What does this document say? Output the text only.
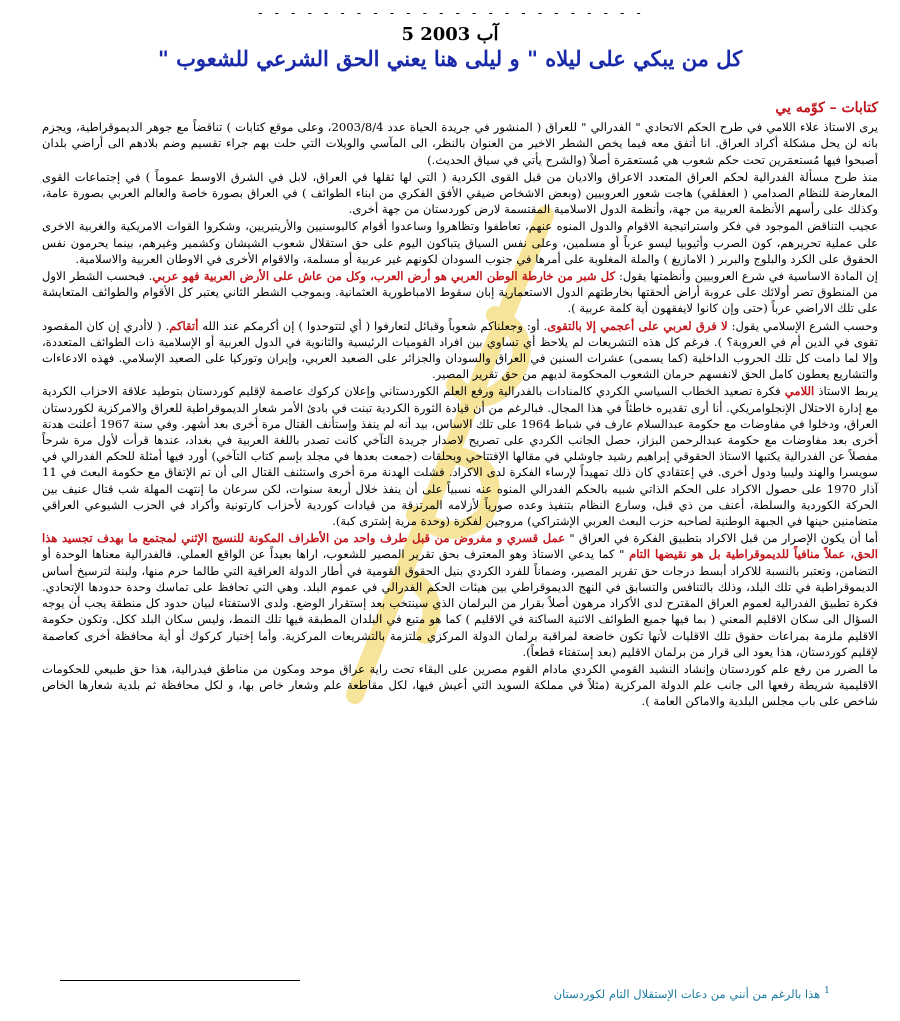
- - - - - - - - - - - - - - - - - - - - - - - -
5 آب 2003
كل من يبكي على ليلاه " و ليلى هنا يعني الحق الشرعي للشعوب "
كتابات – كوّمه يي

يرى الاستاذ علاء اللامي في طرح الحكم الاتحادي " الفدرالي " للعراق ( المنشور في جريدة الحياة عدد 2003/8/4، وعلى موقع كتابات ) تناقضاً مع جوهر الديموقراطية، ويجزم بانه لن يحل مشكلة أكراد العراق. انا أتفق معه فيما يخص الشطر الاخير من العنوان بالنظر، الى المآسي والويلات التي حلت بهم جراء تقسيم وضم بلادهم الى أراضي بلدان أصبحوا فيها مُستعمَرين تحت حكم شعوب هي مُستعمَرة أصلاً (والشرح يأتي في سياق الحديث.)

منذ طرح مسألة الفدرالية لحكم العراق المتعدد الاعراق والاديان من قبل القوى الكردية ( التي لها ثقلها في العراق، لابل في الشرق الاوسط عموماً ) في إجتماعات القوى المعارضة للنظام الصدامي ( العفلقي) هاجت شعور العروبيين (وبعض الاشخاص ضيقي الأفق الفكري من ابناء الطوائف ) في العراق بصورة خاصة والعالم العربي بصورة عامة، وكذلك على رأسهم الأنظمة العربية من جهة، وأنظمة الدول الاسلامية المقتسمة لارض كوردستان من جهة أخرى.

عجيب التناقض الموجود في فكر واستراتيجية الاقوام والدول المنوه عنهم، تعاطفوا وتظاهروا وساعدوا أقوام كالبوسنيين والأريتيريين، وشكروا القوات الامريكية والغربية الاخرى على عملية تحريرهم، كون الصرب وأثيوبيا ليسو عرباً أو مسلمين، وعلى نفس السياق يتباكون اليوم على حق استقلال شعوب الشيشان وكشمير وغيرهم، بينما يحرمون نفس الحقوق على الكرد والبلوج والبربر ( الامازيغ ) والملة المغلوبة على أمرها في جنوب السودان لكونهم غير عربية أو مسلمة، والاقوام الأخرى في الاوطان العربية والاسلامية.

إن المادة الاساسية في شرع العروبيين وأنظمتها يقول: كل شبر من خارطة الوطن العربي هو أرض العرب، وكل من عاش على الأرض العربية فهو عربي. فبحسب الشطر الاول من المنطوق تصر أولائك على عروبة أراض ألحقتها بخارطتهم الدول الاستعمارية إبان سقوط الامباطورية العثمانية. وبموجب الشطر الثاني يعتبر كل الأقوام والطوائف المتعايشة على تلك الاراضي عرباً (حتى وإن كانوا لايفقهون أية كلمة عربية ).

وحسب الشرع الإسلامي يقول: لا فرق لعربي على أعجمي إلا بالتقوى. أو: وجعلناكم شعوباً وقبائل لتعارفوا ( أي لتتوحدوا ) إن أكرمكم عند الله أتقاكم. ( لاأدري إن كان المقصود تقوى في الدين أم في العروبة؟ ). فرغم كل هذه التشريعات لم يلاحظ أي تساوي بين افراد القوميات الرئيسية والثانوية في الدول العربية أو الإسلامية ذات الطوائف المتعددة، وإلا لما دامت كل تلك الحروب الداخلية (كما يسمى) عشرات السنين في العراق والسودان والجزائر على الصعيد العربي، وإيران وتوركيا على الصعيد الإسلامي. فهذه الادعاءات والتشاريع يعطون كامل الحق لانفسهم حرمان الشعوب المحكومة لديهم من حق تقرير المصير.

يربط الاستاذ اللامي فكرة تصعيد الخطاب السياسي الكردي كالمنادات بالفدرالية ورفع العلم الكوردستاني وإعلان كركوك عاصمة لإقليم كوردستان بتوطيد علاقة الاحزاب الكردية مع إدارة الاحتلال الإنجلوامريكي. أنا أرى تقديره خاطئاً في هذا المجال. فبالرغم من أن قيادة الثورة الكردية تبنت في بادئ الأمر شعار الديموقراطية للعراق والامركزية لكوردستان العراق، ودخلوا في مفاوضات مع حكومة عبدالسلام عارف في شباط 1964 على تلك الاساس، بيد أنه لم ينفذ وإستأنف القتال مرة أخرى بعد أشهر. وفي سنة 1967 أعلنت هدنة أخرى بعد مفاوضات مع حكومة عبدالرحمن البزاز، حصل الجانب الكردي على تصريح لاصدار جريدة التآخي كانت تصدر باللغة العربية في بغداد، عندها قرأت لأول مرة شرحاً مفصلاً عن الفدرالية يكتبها الاستاذ الحقوقي إبراهيم رشيد جاوشلي في مقالها الإفتتاحي وبحلقات (جمعت بعدها في مجلد بإسم كتاب التآخي) أورد فيها أمثلة للحكم الفدرالي في سويسرا والهند وليبيا ودول أخرى. في إعتقادي كان ذلك تمهيداً لإرساء الفكرة لدى الاكراد. فشلت الهدنة مرة أخرى واستئنف القتال الى أن تم الإتفاق مع حكومة البعث في 11 آذار 1970 على حصول الاكراد على الحكم الذاتي شبيه بالحكم الفدرالي المنوه عنه نسبياً على أن ينفذ خلال أربعة سنوات، لكن سرعان ما إنتهت المهلة شب قتال عنيف بين الحركة الكوردية والسلطة، أعنف من ذي قبل، وسارع النظام بتنفيذ وعده صورياً لأزلامه المرتزقة من قيادات كوردية لأحزاب كارتونية وأكراد في الحزب الشيوعي العراقي متضامنين حينها في الجبهة الوطنية لصاحبه حزب البعث العربي الإشتراكي) مروجين لفكرة (وحدة مرية إشترى كبة).

أما أن يكون الإصرار من قبل الاكراد بتطبيق الفكرة في العراق " عمل قسري و مفروض من قبل طرف واحد من الأطراف المكونة للنسيج الإثني لمجتمع ما بهدف تجسيد هذا الحق، عملاً منافياً للديموقراطية بل هو نقيضها التام " كما يدعي الاستاذ وهو المعترف بحق تقرير المصير للشعوب، اراها بعيداً عن الواقع العملي. فالفدرالية معناها الوحدة أو التضامن، وتعتبر بالنسبة للاكراد أبسط درجات حق تقرير المصير، وضماناً للفرد الكردي بنيل الحقوق القومية في أطار الدولة العراقية التي طالما حرم منها، ولبنة لترسيخ أساس الديموقراطية في تلك البلد، وذلك بالتنافس والتسابق في النهج الديموقراطي بين هيئات الحكم الفدرالي في عموم البلد. وهي التي تحافظ على تماسك وحدة حدودها الإتحادي. فكرة تطبيق الفدرالية لعموم العراق المقترح لدى الأكراد مرهون أصلاً بقرار من البرلمان الذي سينتخب بعد إستقرار الوضع. ولدى الاستفتاء لبيان حدود كل منطقة يجب أن يوجه السؤال الى سكان الاقليم المعني ( بما فيها جميع الطوائف الاثنية الساكنة في الاقليم ) كما هو متبع في البلدان المطبقة فيها تلك النمط، وليس سكان البلد ككل. وتكون حكومة الاقليم ملزمة بمراعات حقوق تلك الاقليات لأنها تكون خاضعة لمراقبة برلمان الدولة المركزي ملتزمة بالتشريعات المركزية. وأما إختيار كركوك أو أية محافظة أخرى كعاصمة لإقليم كوردستان، هذا يعود الى قرار من برلمان الاقليم (بعد إستفتاء قطعاً).

ما الضرر من رفع علم كوردستان وإنشاد النشيد القومي الكردي مادام القوم مصرين على البقاء تحت راية عراق موحد ومكون من مناطق فيدرالية، هذا حق طبيعي للحكومات الاقليمية شريطة رفعها الى جانب علم الدولة المركزية (مثلاً في مملكة السويد التي أعيش فيها، لكل مقاطعة علم وشعار خاص بها، و لكل محافظة ثم بلدية شعارها الخاص شاخص على باب مجلس البلدية والاماكن العامة ).

$^1$ هذا بالرغم من أنني من دعات الإستقلال التام لكوردستان
